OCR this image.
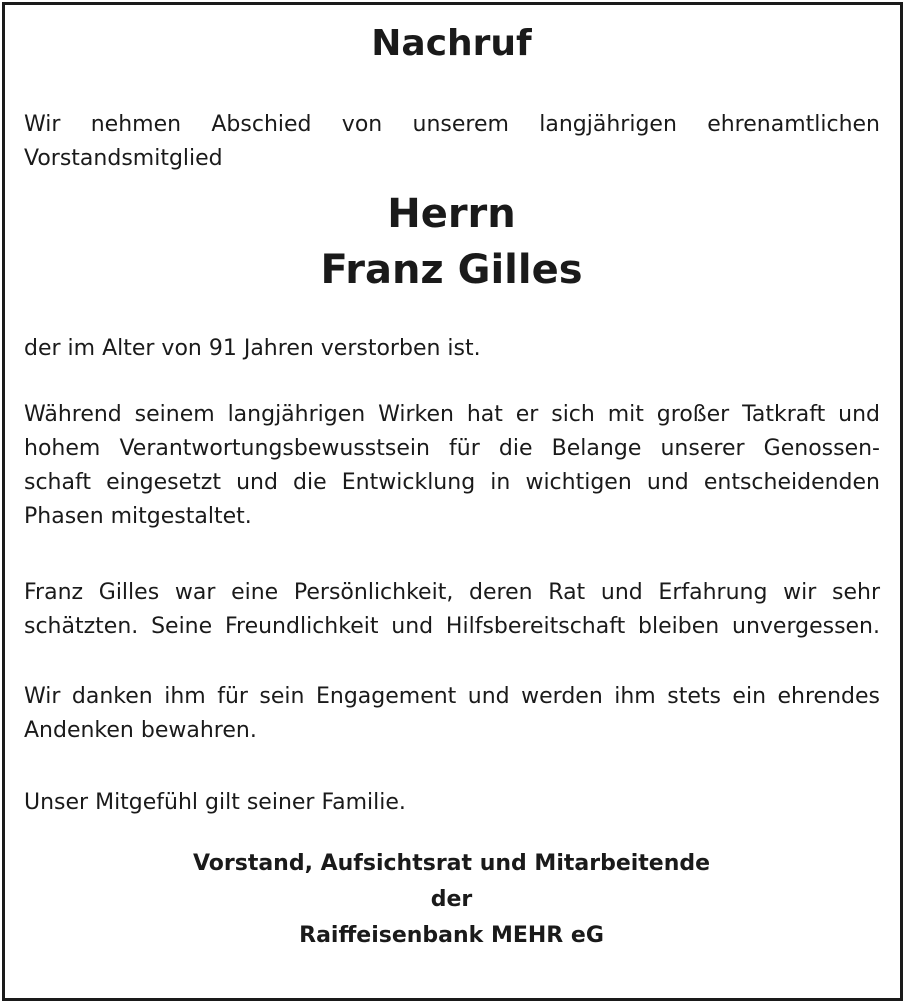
Nachruf
Wir nehmen Abschied von unserem langjährigen ehrenamtlichen
Vorstandsmitglied
Herrn
Franz Gilles
der im Alter von 91 Jahren verstorben ist.
Während seinem langjährigen Wirken hat er sich mit großer Tatkraft und
hohem Verantwortungsbewusstsein für die Belange unserer Genossen-
schaft eingesetzt und die Entwicklung in wichtigen und entscheidenden
Phasen mitgestaltet.
Franz Gilles war eine Persönlichkeit, deren Rat und Erfahrung wir sehr
schätzten. Seine Freundlichkeit und Hilfsbereitschaft bleiben unvergessen.
Wir danken ihm für sein Engagement und werden ihm stets ein ehrendes
Andenken bewahren.
Unser Mitgefühl gilt seiner Familie.
Vorstand, Aufsichtsrat und Mitarbeitende
der
Raiffeisenbank MEHR eG
